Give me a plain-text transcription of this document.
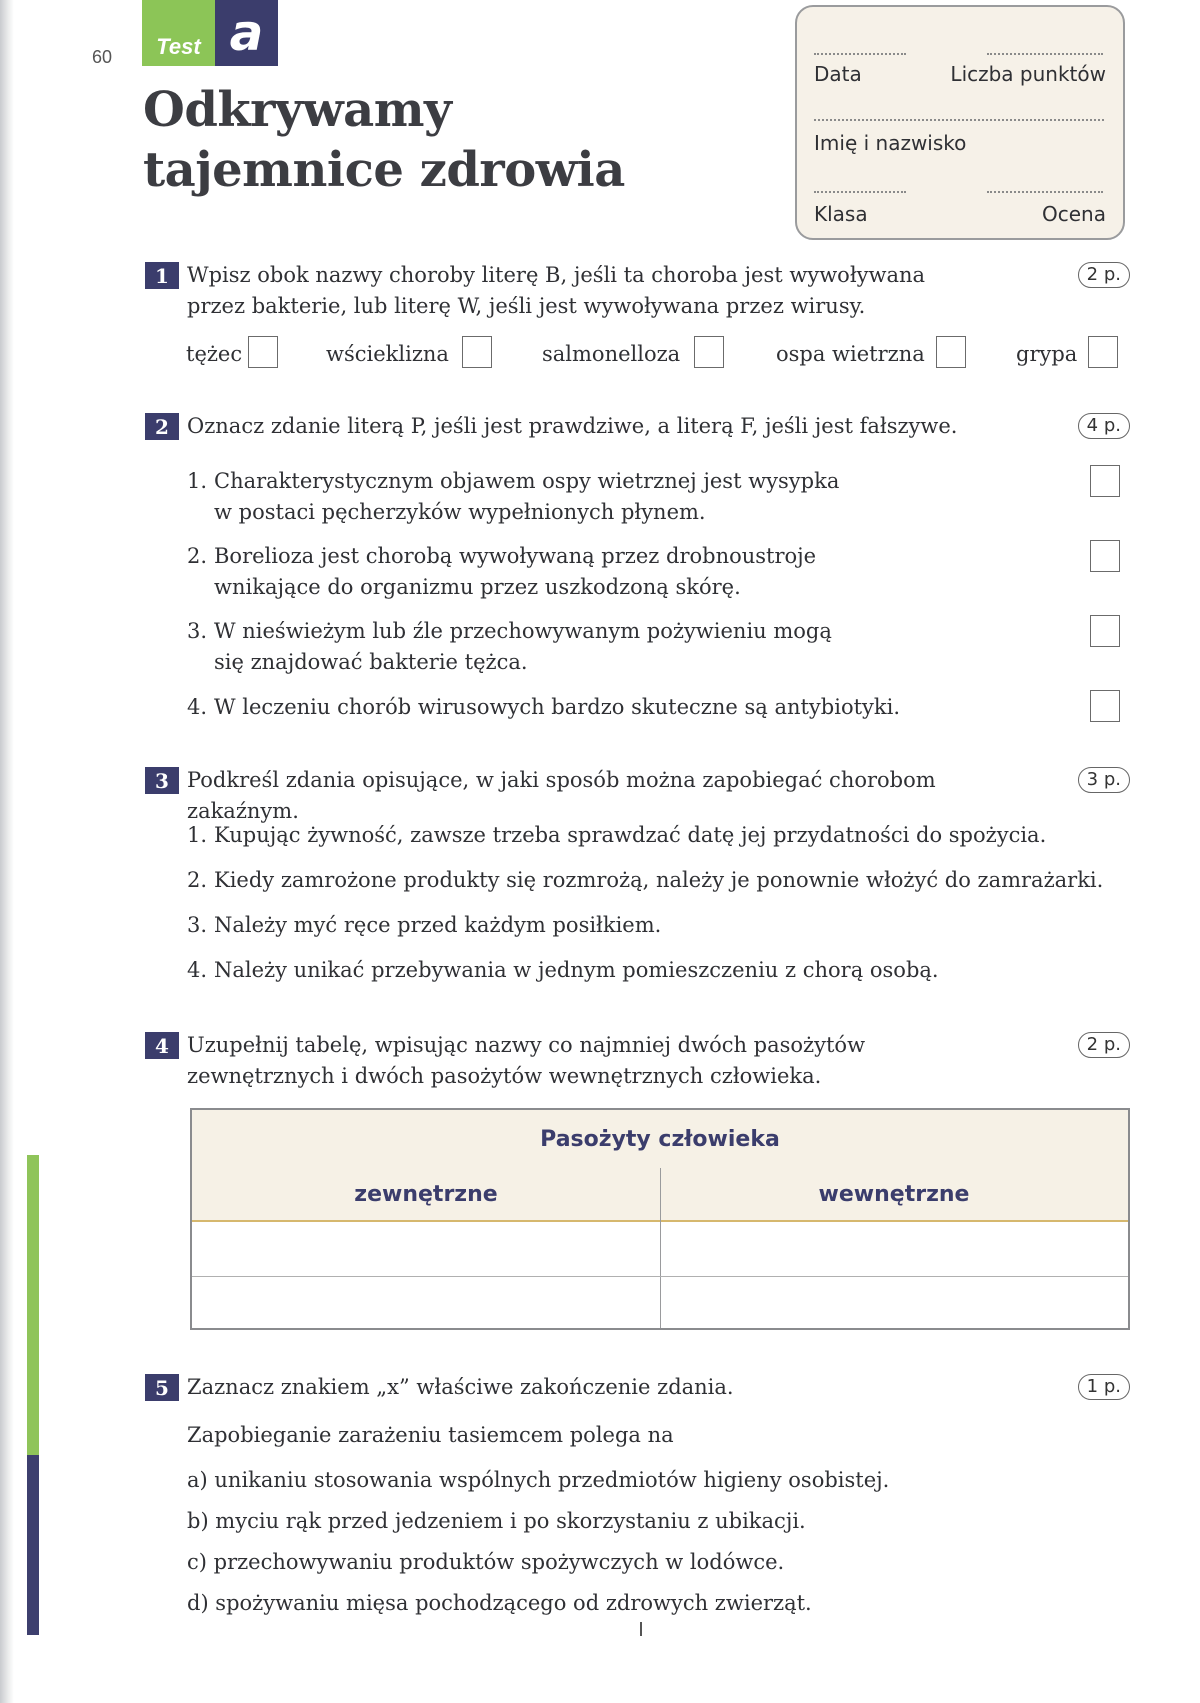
60	Test a
Odkrywamy
tajemnice zdrowia
Data	Liczba punktów
Imię i nazwisko
Klasa	Ocena
1 Wpisz obok nazwy choroby literę B, jeśli ta choroba jest wywoływana
przez bakterie, lub literę W, jeśli jest wywoływana przez wirusy.
2 p.
tężec	wścieklizna	salmonelloza	ospa wietrzna	grypa
2 Oznacz zdanie literą P, jeśli jest prawdziwe, a literą F, jeśli jest fałszywe.	4 p.
1. Charakterystycznym objawem ospy wietrznej jest wysypka
w postaci pęcherzyków wypełnionych płynem.
2. Borelioza jest chorobą wywoływaną przez drobnoustroje
wnikające do organizmu przez uszkodzoną skórę.
3. W nieświeżym lub źle przechowywanym pożywieniu mogą
się znajdować bakterie tężca.
4. W leczeniu chorób wirusowych bardzo skuteczne są antybiotyki.
3 Podkreśl zdania opisujące, w jaki sposób można zapobiegać chorobom zakaźnym.
3 p.
1. Kupując żywność, zawsze trzeba sprawdzać datę jej przydatności do spożycia.
2. Kiedy zamrożone produkty się rozmrożą, należy je ponownie włożyć do zamrażarki.
3. Należy myć ręce przed każdym posiłkiem.
4. Należy unikać przebywania w jednym pomieszczeniu z chorą osobą.
4 Uzupełnij tabelę, wpisując nazwy co najmniej dwóch pasożytów
zewnętrznych i dwóch pasożytów wewnętrznych człowieka.
2 p.
Pasożyty człowieka
zewnętrzne	wewnętrzne
5 Zaznacz znakiem „x” właściwe zakończenie zdania.	1 p.
Zapobieganie zarażeniu tasiemcem polega na
a) unikaniu stosowania wspólnych przedmiotów higieny osobistej.
b) myciu rąk przed jedzeniem i po skorzystaniu z ubikacji.
c) przechowywaniu produktów spożywczych w lodówce.
d) spożywaniu mięsa pochodzącego od zdrowych zwierząt.
